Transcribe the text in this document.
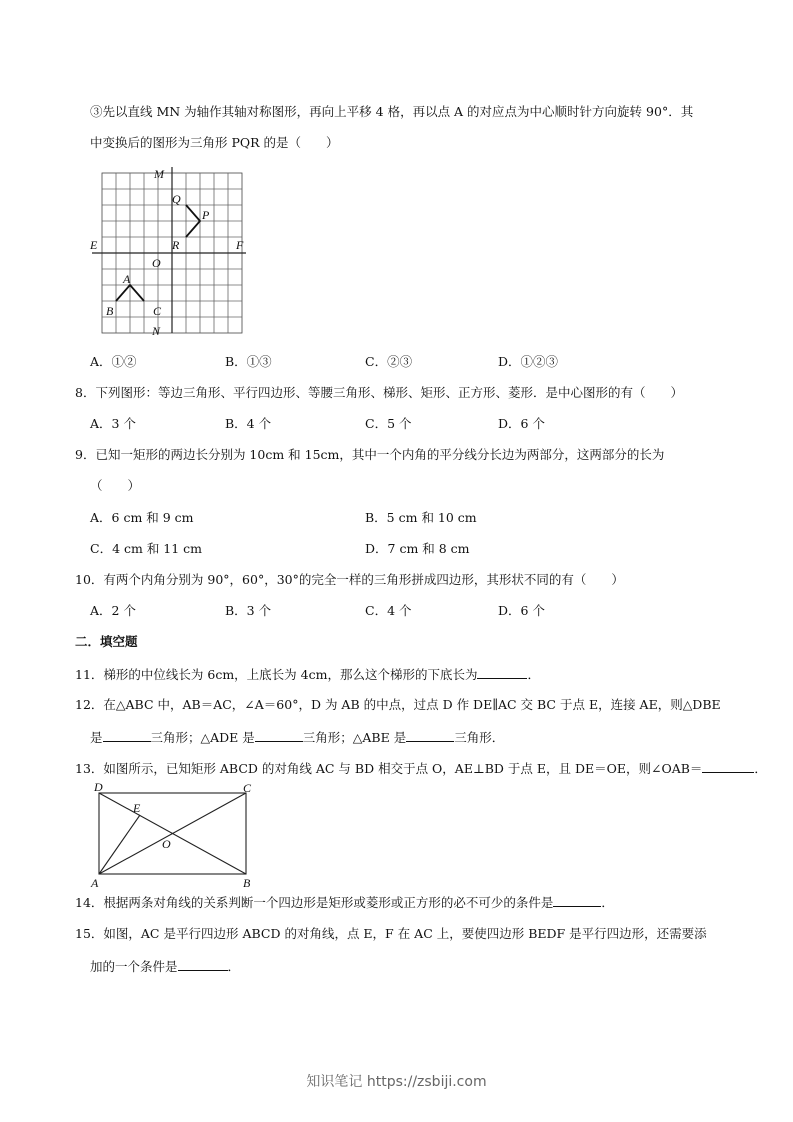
③先以直线 MN 为轴作其轴对称图形，再向上平移 4 格，再以点 A 的对应点为中心顺时针方向旋转 90°．其
中变换后的图形为三角形 PQR 的是（　　）
M
N
E	F
O
Q
P
R
A
B	C
A．①②	B．①③	C．②③	D．①②③
8．下列图形：等边三角形、平行四边形、等腰三角形、梯形、矩形、正方形、菱形．是中心图形的有（　　）
A．3 个	B．4 个	C．5 个	D．6 个
9．已知一矩形的两边长分别为 10cm 和 15cm，其中一个内角的平分线分长边为两部分，这两部分的长为
（　　）
A．6 cm 和 9 cm	B．5 cm 和 10 cm
C．4 cm 和 11 cm	D．7 cm 和 8 cm
10．有两个内角分别为 90°，60°，30°的完全一样的三角形拼成四边形，其形状不同的有（　　）
A．2 个	B．3 个	C．4 个	D．6 个
二．填空题
11．梯形的中位线长为 6cm，上底长为 4cm，那么这个梯形的下底长为	．
12．在△ABC 中，AB＝AC，∠A＝60°，D 为 AB 的中点，过点 D 作 DE∥AC 交 BC 于点 E，连接 AE，则△DBE
是	三角形；△ADE 是	三角形；△ABE 是	三角形．
13．如图所示，已知矩形 ABCD 的对角线 AC 与 BD 相交于点 O，AE⊥BD 于点 E，且 DE＝OE，则∠OAB＝	．
D	C
A	B
E
O
14．根据两条对角线的关系判断一个四边形是矩形或菱形或正方形的必不可少的条件是	．
15．如图，AC 是平行四边形 ABCD 的对角线，点 E，F 在 AC 上，要使四边形 BEDF 是平行四边形，还需要添
加的一个条件是	．
知识笔记 https://zsbiji.com
